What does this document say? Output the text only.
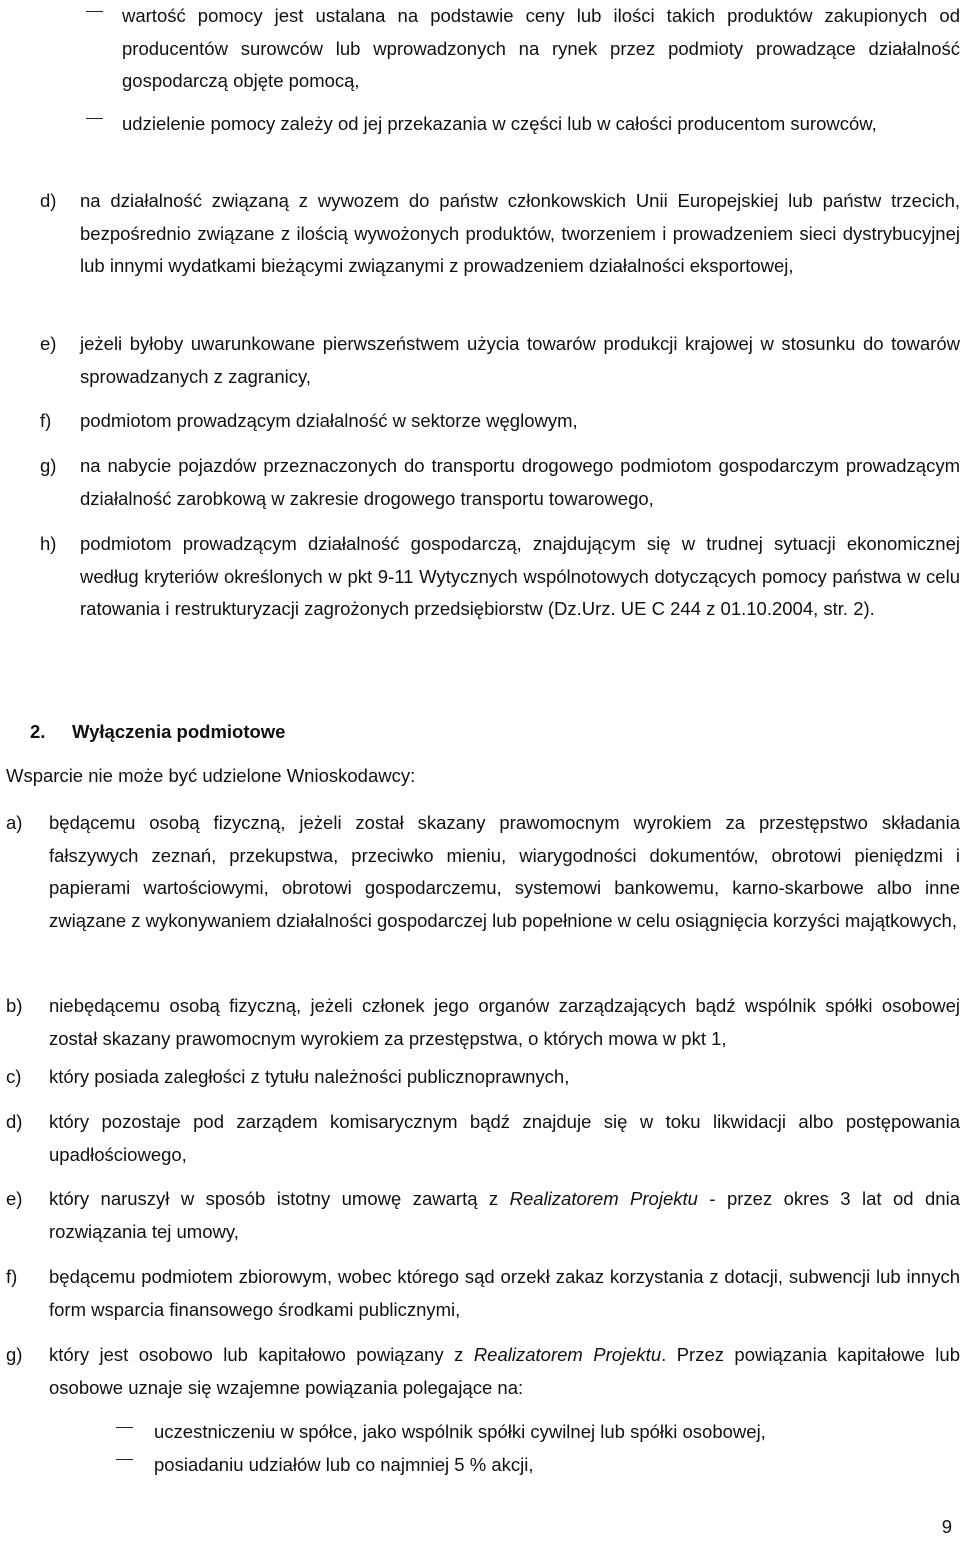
wartość pomocy jest ustalana na podstawie ceny lub ilości takich produktów zakupionych od producentów surowców lub wprowadzonych na rynek przez podmioty prowadzące działalność gospodarczą objęte pomocą,
udzielenie pomocy zależy od jej przekazania w części lub w całości producentom surowców,
d) na działalność związaną z wywozem do państw członkowskich Unii Europejskiej lub państw trzecich, bezpośrednio związane z ilością wywożonych produktów, tworzeniem i prowadzeniem sieci dystrybucyjnej lub innymi wydatkami bieżącymi związanymi z prowadzeniem działalności eksportowej,
e) jeżeli byłoby uwarunkowane pierwszeństwem użycia towarów produkcji krajowej w stosunku do towarów sprowadzanych z zagranicy,
f) podmiotom prowadzącym działalność w sektorze węglowym,
g) na nabycie pojazdów przeznaczonych do transportu drogowego podmiotom gospodarczym prowadzącym działalność zarobkową w zakresie drogowego transportu towarowego,
h) podmiotom prowadzącym działalność gospodarczą, znajdującym się w trudnej sytuacji ekonomicznej według kryteriów określonych w pkt 9-11 Wytycznych wspólnotowych dotyczących pomocy państwa w celu ratowania i restrukturyzacji zagrożonych przedsiębiorstw (Dz.Urz. UE C 244 z 01.10.2004, str. 2).
2. Wyłączenia podmiotowe
Wsparcie nie może być udzielone Wnioskodawcy:
a) będącemu osobą fizyczną, jeżeli został skazany prawomocnym wyrokiem za przestępstwo składania fałszywych zeznań, przekupstwa, przeciwko mieniu, wiarygodności dokumentów, obrotowi pieniędzmi i papierami wartościowymi, obrotowi gospodarczemu, systemowi bankowemu, karno-skarbowe albo inne związane z wykonywaniem działalności gospodarczej lub popełnione w celu osiągnięcia korzyści majątkowych,
b) niebędącemu osobą fizyczną, jeżeli członek jego organów zarządzających bądź wspólnik spółki osobowej został skazany prawomocnym wyrokiem za przestępstwa, o których mowa w pkt 1,
c) który posiada zaległości z tytułu należności publicznoprawnych,
d) który pozostaje pod zarządem komisarycznym bądź znajduje się w toku likwidacji albo postępowania upadłościowego,
e) który naruszył w sposób istotny umowę zawartą z Realizatorem Projektu - przez okres 3 lat od dnia rozwiązania tej umowy,
f) będącemu podmiotem zbiorowym, wobec którego sąd orzekł zakaz korzystania z dotacji, subwencji lub innych form wsparcia finansowego środkami publicznymi,
g) który jest osobowo lub kapitałowo powiązany z Realizatorem Projektu. Przez powiązania kapitałowe lub osobowe uznaje się wzajemne powiązania polegające na:
uczestniczeniu w spółce, jako wspólnik spółki cywilnej lub spółki osobowej,
posiadaniu udziałów lub co najmniej 5 % akcji,
9
